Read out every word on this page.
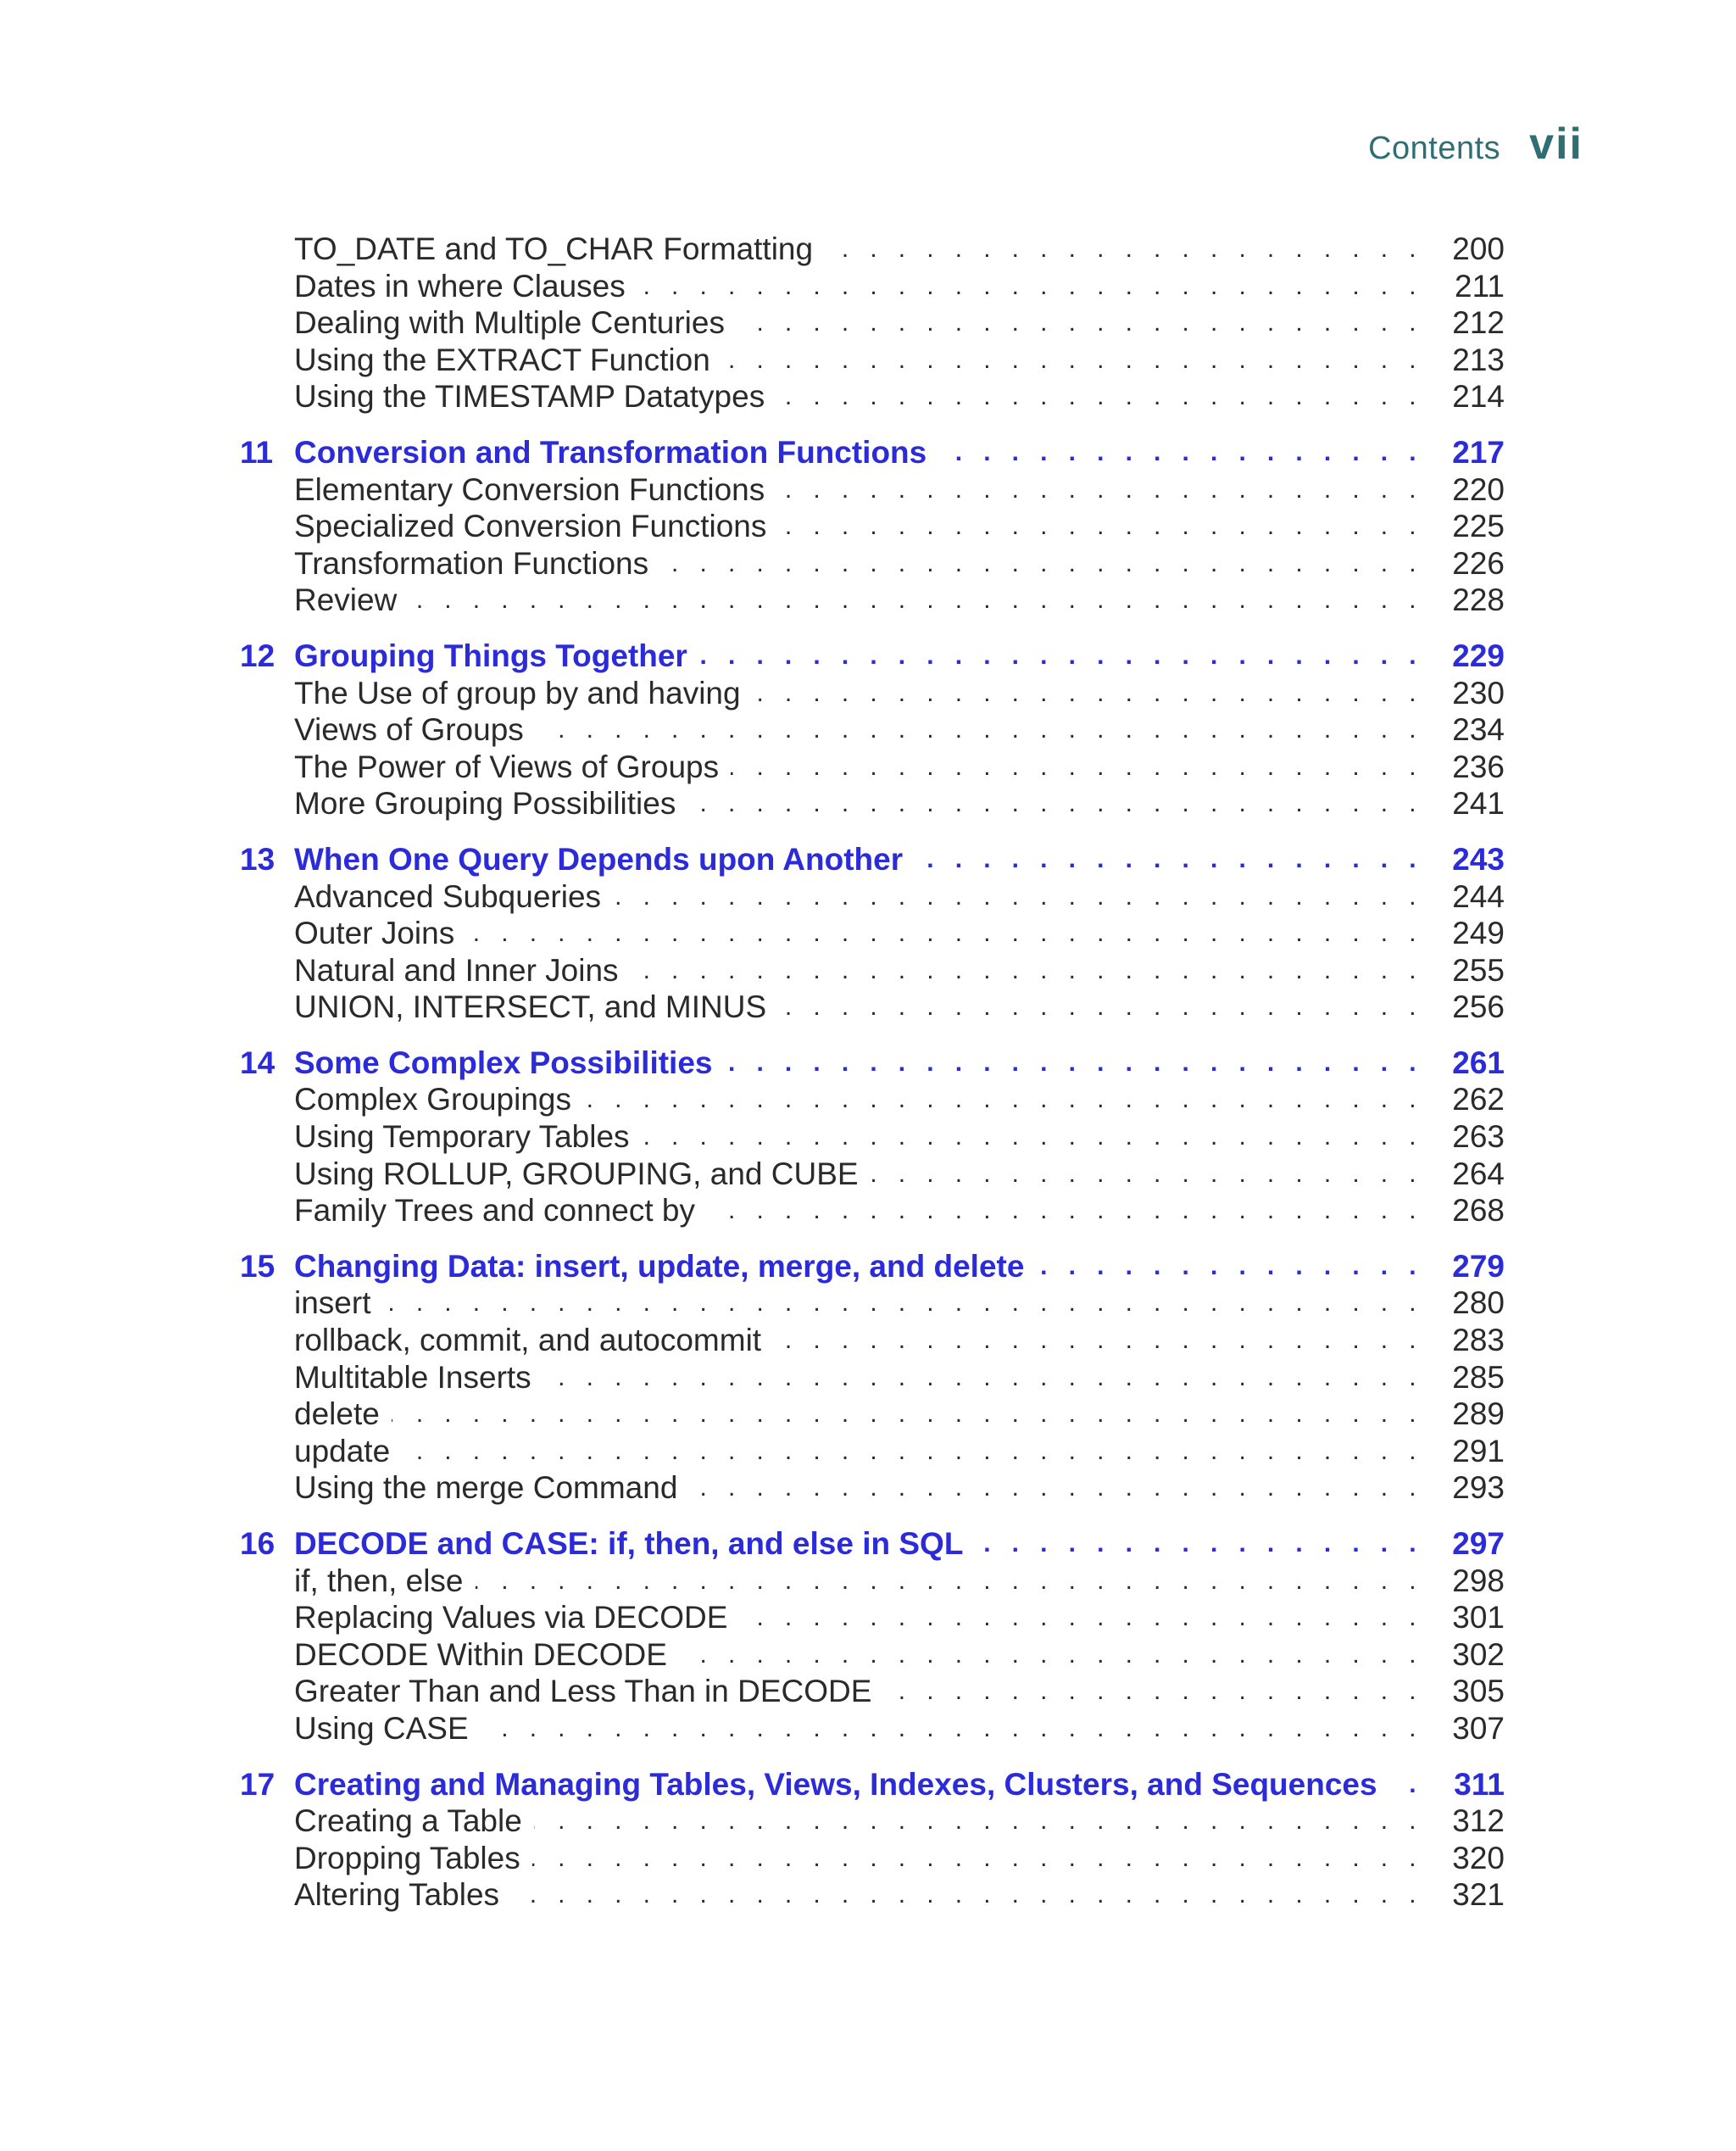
Contents vii
TO_DATE and TO_CHAR Formatting . . .	200
Dates in where Clauses . . .	211
Dealing with Multiple Centuries . . .	212
Using the EXTRACT Function . . .	213
Using the TIMESTAMP Datatypes . . .	214
11 Conversion and Transformation Functions . . .	217
Elementary Conversion Functions . . .	220
Specialized Conversion Functions . . .	225
Transformation Functions . . .	226
Review . . .	228
12 Grouping Things Together . . .	229
The Use of group by and having . . .	230
Views of Groups . . .	234
The Power of Views of Groups . . .	236
More Grouping Possibilities . . .	241
13 When One Query Depends upon Another . . .	243
Advanced Subqueries . . .	244
Outer Joins . . .	249
Natural and Inner Joins . . .	255
UNION, INTERSECT, and MINUS . . .	256
14 Some Complex Possibilities . . .	261
Complex Groupings . . .	262
Using Temporary Tables . . .	263
Using ROLLUP, GROUPING, and CUBE . . .	264
Family Trees and connect by . . .	268
15 Changing Data: insert, update, merge, and delete . . .	279
insert . . .	280
rollback, commit, and autocommit . . .	283
Multitable Inserts . . .	285
delete . . .	289
update . . .	291
Using the merge Command . . .	293
16 DECODE and CASE: if, then, and else in SQL . . .	297
if, then, else . . .	298
Replacing Values via DECODE . . .	301
DECODE Within DECODE . . .	302
Greater Than and Less Than in DECODE . . .	305
Using CASE . . .	307
17 Creating and Managing Tables, Views, Indexes, Clusters, and Sequences . . .	311
Creating a Table . . .	312
Dropping Tables . . .	320
Altering Tables . . .	321
